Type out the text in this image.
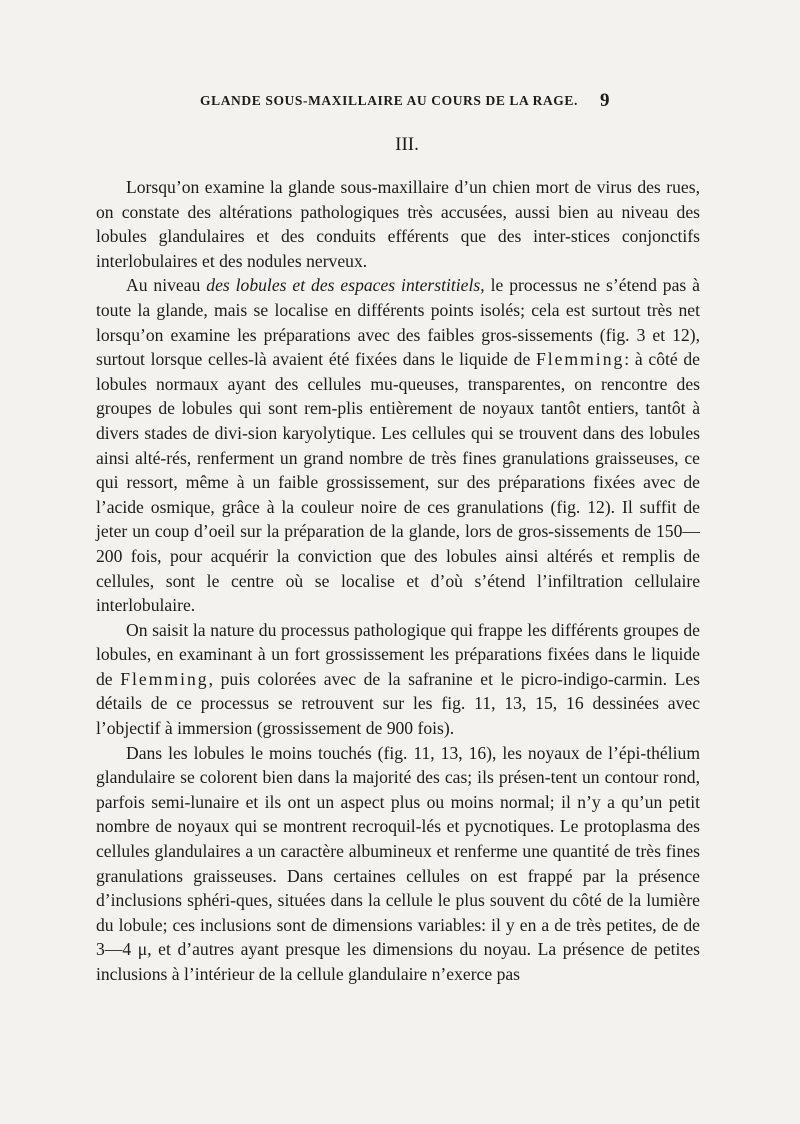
GLANDE SOUS-MAXILLAIRE AU COURS DE LA RAGE. 9
III.

Lorsqu’on examine la glande sous-maxillaire d’un chien mort de virus des rues, on constate des altérations pathologiques très accusées, aussi bien au niveau des lobules glandulaires et des conduits efférents que des inter-stices conjonctifs interlobulaires et des nodules nerveux.

Au niveau des lobules et des espaces interstitiels, le processus ne s’étend pas à toute la glande, mais se localise en différents points isolés; cela est surtout très net lorsqu’on examine les préparations avec des faibles gros-sissements (fig. 3 et 12), surtout lorsque celles-là avaient été fixées dans le liquide de Flemming: à côté de lobules normaux ayant des cellules mu-queuses, transparentes, on rencontre des groupes de lobules qui sont rem-plis entièrement de noyaux tantôt entiers, tantôt à divers stades de divi-sion karyolytique. Les cellules qui se trouvent dans des lobules ainsi alté-rés, renferment un grand nombre de très fines granulations graisseuses, ce qui ressort, même à un faible grossissement, sur des préparations fixées avec de l’acide osmique, grâce à la couleur noire de ces granulations (fig. 12). Il suffit de jeter un coup d’oeil sur la préparation de la glande, lors de gros-sissements de 150—200 fois, pour acquérir la conviction que des lobules ainsi altérés et remplis de cellules, sont le centre où se localise et d’où s’étend l’infiltration cellulaire interlobulaire.

On saisit la nature du processus pathologique qui frappe les différents groupes de lobules, en examinant à un fort grossissement les préparations fixées dans le liquide de Flemming, puis colorées avec de la safranine et le picro-indigo-carmin. Les détails de ce processus se retrouvent sur les fig. 11, 13, 15, 16 dessinées avec l’objectif à immersion (grossissement de 900 fois).

Dans les lobules le moins touchés (fig. 11, 13, 16), les noyaux de l’épi-thélium glandulaire se colorent bien dans la majorité des cas; ils présen-tent un contour rond, parfois semi-lunaire et ils ont un aspect plus ou moins normal; il n’y a qu’un petit nombre de noyaux qui se montrent recroquil-lés et pycnotiques. Le protoplasma des cellules glandulaires a un caractère albumineux et renferme une quantité de très fines granulations graisseuses. Dans certaines cellules on est frappé par la présence d’inclusions sphéri-ques, situées dans la cellule le plus souvent du côté de la lumière du lobule; ces inclusions sont de dimensions variables: il y en a de très petites, de de 3—4 μ, et d’autres ayant presque les dimensions du noyau. La présence de petites inclusions à l’intérieur de la cellule glandulaire n’exerce pas
